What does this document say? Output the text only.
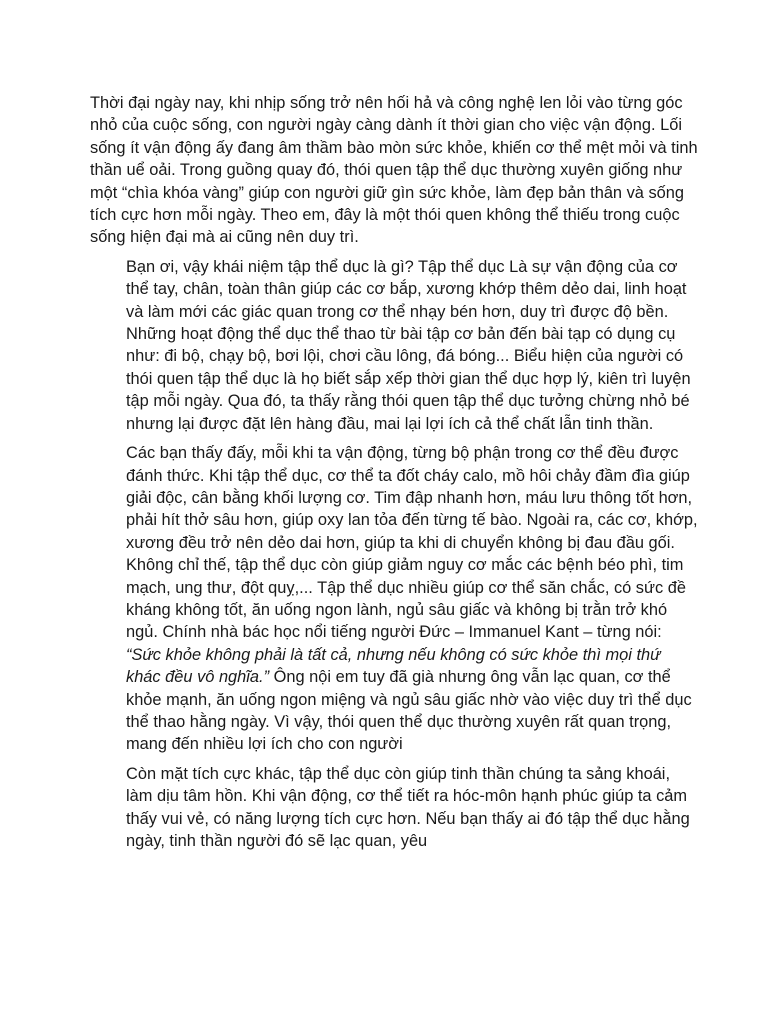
Thời đại ngày nay, khi nhịp sống trở nên hối hả và công nghệ len lỏi vào từng góc nhỏ của cuộc sống, con người ngày càng dành ít thời gian cho việc vận động. Lối sống ít vận động ấy đang âm thầm bào mòn sức khỏe, khiến cơ thể mệt mỏi và tinh thần uể oải. Trong guồng quay đó, thói quen tập thể dục thường xuyên giống như một “chìa khóa vàng” giúp con người giữ gìn sức khỏe, làm đẹp bản thân và sống tích cực hơn mỗi ngày. Theo em, đây là một thói quen không thể thiếu trong cuộc sống hiện đại mà ai cũng nên duy trì.

Bạn ơi, vậy khái niệm tập thể dục là gì? Tập thể dục Là sự vận động của cơ thể tay, chân, toàn thân giúp các cơ bắp, xương khớp thêm dẻo dai, linh hoạt và làm mới các giác quan trong cơ thể nhạy bén hơn, duy trì được độ bền. Những hoạt động thể dục thể thao từ bài tập cơ bản đến bài tạp có dụng cụ như: đi bộ, chạy bộ, bơi lội, chơi cầu lông, đá bóng... Biểu hiện của người có thói quen tập thể dục là họ biết sắp xếp thời gian thể dục hợp lý, kiên trì luyện tập mỗi ngày. Qua đó, ta thấy rằng thói quen tập thể dục tưởng chừng nhỏ bé nhưng lại được đặt lên hàng đầu, mai lại lợi ích cả thể chất lẫn tinh thần.

Các bạn thấy đấy, mỗi khi ta vận động, từng bộ phận trong cơ thể đều được đánh thức. Khi tập thể dục, cơ thể ta đốt cháy calo, mồ hôi chảy đầm đìa giúp giải độc, cân bằng khối lượng cơ. Tim đập nhanh hơn, máu lưu thông tốt hơn, phải hít thở sâu hơn, giúp oxy lan tỏa đến từng tế bào. Ngoài ra, các cơ, khớp, xương đều trở nên dẻo dai hơn, giúp ta khi di chuyển không bị đau đầu gối. Không chỉ thế, tập thể dục còn giúp giảm nguy cơ mắc các bệnh béo phì, tim mạch, ung thư, đột quỵ,... Tập thể dục nhiều giúp cơ thể săn chắc, có sức đề kháng không tốt, ăn uống ngon lành, ngủ sâu giấc và không bị trằn trở khó ngủ. Chính nhà bác học nổi tiếng người Đức – Immanuel Kant – từng nói: “Sức khỏe không phải là tất cả, nhưng nếu không có sức khỏe thì mọi thứ khác đều vô nghĩa.” Ông nội em tuy đã già nhưng ông vẫn lạc quan, cơ thể khỏe mạnh, ăn uống ngon miệng và ngủ sâu giấc nhờ vào việc duy trì thể dục thể thao hằng ngày. Vì vậy, thói quen thể dục thường xuyên rất quan trọng, mang đến nhiều lợi ích cho con người

Còn mặt tích cực khác, tập thể dục còn giúp tinh thần chúng ta sảng khoái, làm dịu tâm hồn. Khi vận động, cơ thể tiết ra hóc-môn hạnh phúc giúp ta cảm thấy vui vẻ, có năng lượng tích cực hơn. Nếu bạn thấy ai đó tập thể dục hằng ngày, tinh thần người đó sẽ lạc quan, yêu
